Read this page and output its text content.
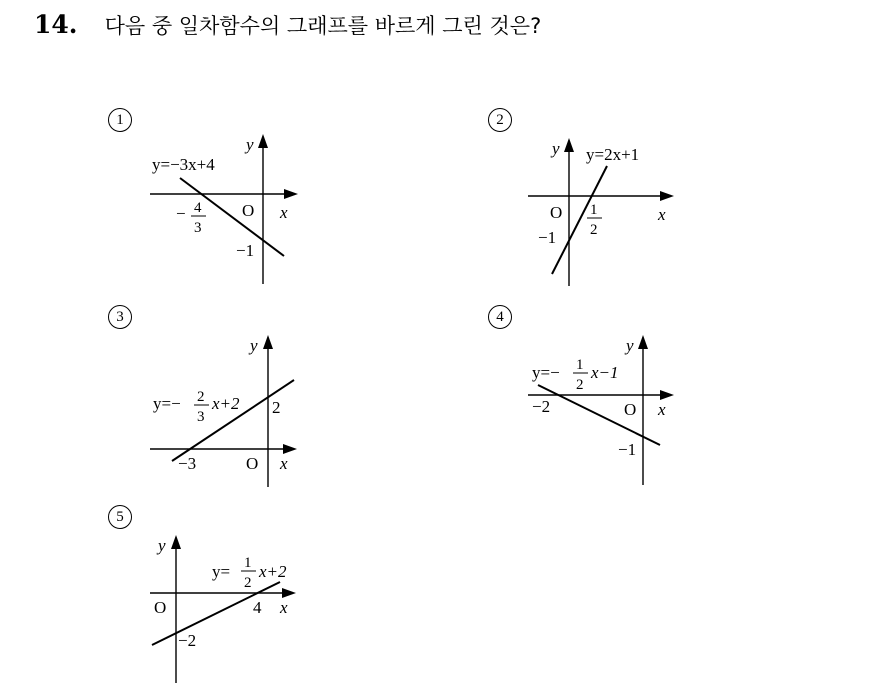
14. 다음 중 일차함수의 그래프를 바르게 그린 것은?
1
y
x
O
y=−3x+4
− 4
3
−1
2
y
x
O
y=2x+1
1
2
−1
3
y
x
O
y=− 2
3
x+2 2
−3
4
y
x
O
y=− 1
2
x−1
−2
−1
5
y
x
O
y= 1
2
x+2
4
−2
